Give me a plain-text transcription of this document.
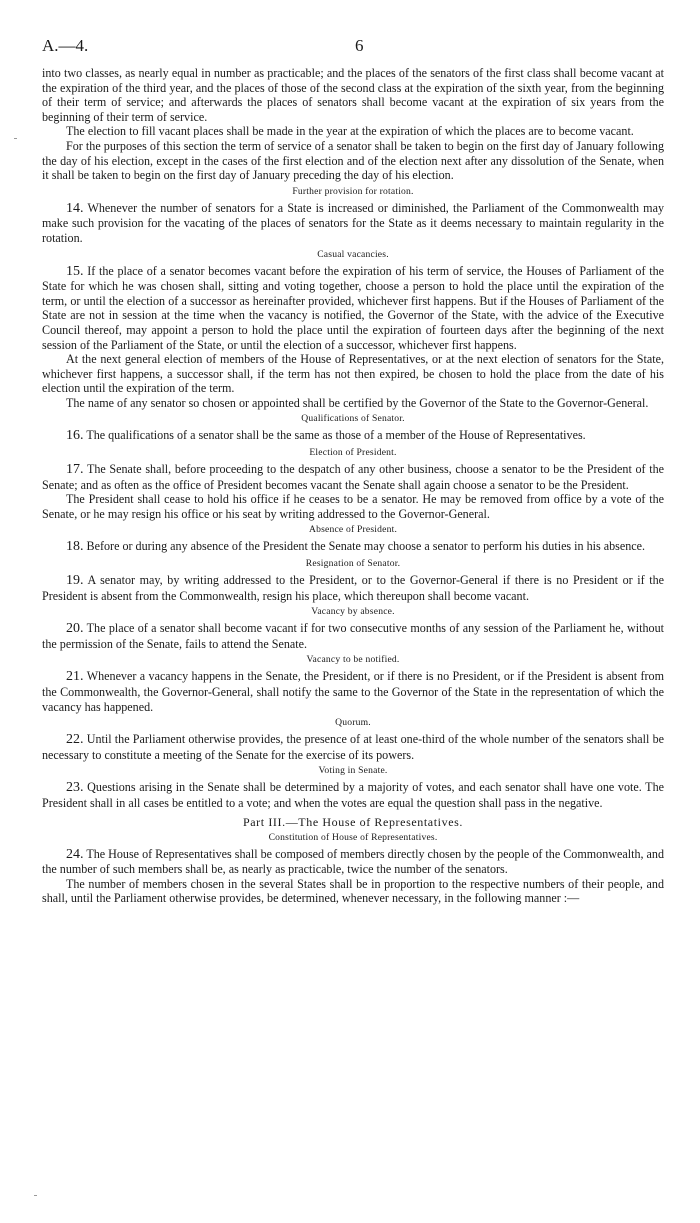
A.—4.	6

into two classes, as nearly equal in number as practicable; and the places of the senators of the first class shall become vacant at the expiration of the third year, and the places of those of the second class at the expiration of the sixth year, from the beginning of their term of service; and afterwards the places of senators shall become vacant at the expiration of six years from the beginning of their term of service.

The election to fill vacant places shall be made in the year at the expiration of which the places are to become vacant.

For the purposes of this section the term of service of a senator shall be taken to begin on the first day of January following the day of his election, except in the cases of the first election and of the election next after any dissolution of the Senate, when it shall be taken to begin on the first day of January preceding the day of his election.

Further provision for rotation.

14. Whenever the number of senators for a State is increased or diminished, the Parliament of the Commonwealth may make such provision for the vacating of the places of senators for the State as it deems necessary to maintain regularity in the rotation.

Casual vacancies.

15. If the place of a senator becomes vacant before the expiration of his term of service, the Houses of Parliament of the State for which he was chosen shall, sitting and voting together, choose a person to hold the place until the expiration of the term, or until the election of a successor as hereinafter provided, whichever first happens. But if the Houses of Parliament of the State are not in session at the time when the vacancy is notified, the Governor of the State, with the advice of the Executive Council thereof, may appoint a person to hold the place until the expiration of fourteen days after the beginning of the next session of the Parliament of the State, or until the election of a successor, whichever first happens.

At the next general election of members of the House of Representatives, or at the next election of senators for the State, whichever first happens, a successor shall, if the term has not then expired, be chosen to hold the place from the date of his election until the expiration of the term.

The name of any senator so chosen or appointed shall be certified by the Governor of the State to the Governor-General.

Qualifications of Senator.

16. The qualifications of a senator shall be the same as those of a member of the House of Representatives.

Election of President.

17. The Senate shall, before proceeding to the despatch of any other business, choose a senator to be the President of the Senate; and as often as the office of President becomes vacant the Senate shall again choose a senator to be the President.

The President shall cease to hold his office if he ceases to be a senator. He may be removed from office by a vote of the Senate, or he may resign his office or his seat by writing addressed to the Governor-General.

Absence of President.

18. Before or during any absence of the President the Senate may choose a senator to perform his duties in his absence.

Resignation of Senator.

19. A senator may, by writing addressed to the President, or to the Governor-General if there is no President or if the President is absent from the Commonwealth, resign his place, which thereupon shall become vacant.

Vacancy by absence.

20. The place of a senator shall become vacant if for two consecutive months of any session of the Parliament he, without the permission of the Senate, fails to attend the Senate.

Vacancy to be notified.

21. Whenever a vacancy happens in the Senate, the President, or if there is no President, or if the President is absent from the Commonwealth, the Governor-General, shall notify the same to the Governor of the State in the representation of which the vacancy has happened.

Quorum.

22. Until the Parliament otherwise provides, the presence of at least one-third of the whole number of the senators shall be necessary to constitute a meeting of the Senate for the exercise of its powers.

Voting in Senate.

23. Questions arising in the Senate shall be determined by a majority of votes, and each senator shall have one vote. The President shall in all cases be entitled to a vote; and when the votes are equal the question shall pass in the negative.

Part III.—The House of Representatives.
Constitution of House of Representatives.

24. The House of Representatives shall be composed of members directly chosen by the people of the Commonwealth, and the number of such members shall be, as nearly as practicable, twice the number of the senators.

The number of members chosen in the several States shall be in proportion to the respective numbers of their people, and shall, until the Parliament otherwise provides, be determined, whenever necessary, in the following manner :—
